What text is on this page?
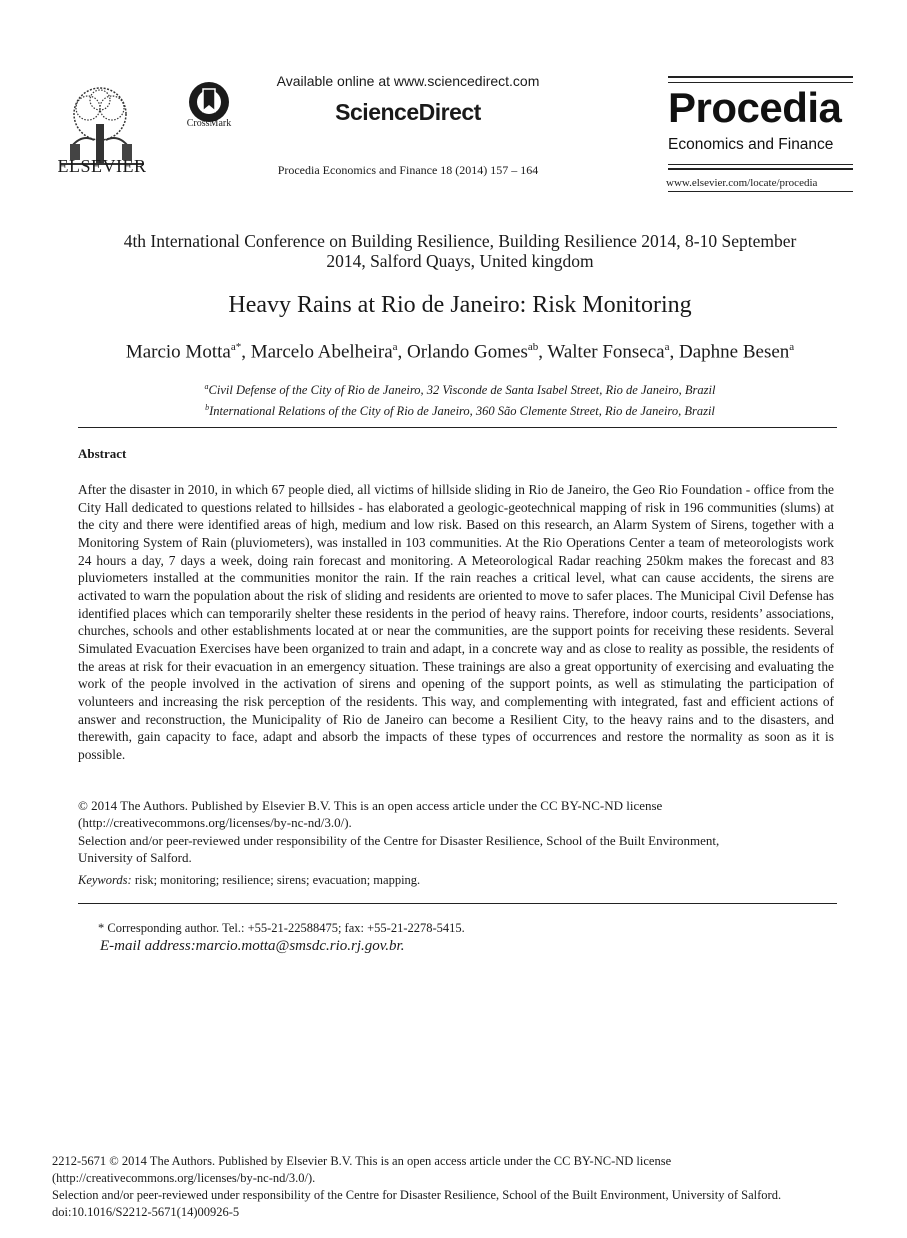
ELSEVIER
CrossMark
Available online at www.sciencedirect.com
ScienceDirect
Procedia Economics and Finance 18 (2014) 157 – 164
Procedia
Economics and Finance
www.elsevier.com/locate/procedia
4th International Conference on Building Resilience, Building Resilience 2014, 8-10 September
2014, Salford Quays, United kingdom
Heavy Rains at Rio de Janeiro: Risk Monitoring
Marcio Motta$^{a*}$, Marcelo Abelheira$^a$, Orlando Gomes$^{ab}$, Walter Fonseca$^a$, Daphne Besen$^a$
$^a$Civil Defense of the City of Rio de Janeiro, 32 Visconde de Santa Isabel Street, Rio de Janeiro, Brazil
$^b$International Relations of the City of Rio de Janeiro, 360 São Clemente Street, Rio de Janeiro, Brazil
Abstract
After the disaster in 2010, in which 67 people died, all victims of hillside sliding in Rio de Janeiro, the Geo Rio Foundation - office from the City Hall dedicated to questions related to hillsides - has elaborated a geologic-geotechnical mapping of risk in 196 communities (slums) at the city and there were identified areas of high, medium and low risk. Based on this research, an Alarm System of Sirens, together with a Monitoring System of Rain (pluviometers), was installed in 103 communities. At the Rio Operations Center a team of meteorologists work 24 hours a day, 7 days a week, doing rain forecast and monitoring. A Meteorological Radar reaching 250km makes the forecast and 83 pluviometers installed at the communities monitor the rain. If the rain reaches a critical level, what can cause accidents, the sirens are activated to warn the population about the risk of sliding and residents are oriented to move to safer places. The Municipal Civil Defense has identified places which can temporarily shelter these residents in the period of heavy rains. Therefore, indoor courts, residents’ associations, churches, schools and other establishments located at or near the communities, are the support points for receiving these residents. Several Simulated Evacuation Exercises have been organized to train and adapt, in a concrete way and as close to reality as possible, the residents of the areas at risk for their evacuation in an emergency situation. These trainings are also a great opportunity of exercising and evaluating the work of the people involved in the activation of sirens and opening of the support points, as well as stimulating the participation of volunteers and increasing the risk perception of the residents. This way, and complementing with integrated, fast and efficient actions of answer and reconstruction, the Municipality of Rio de Janeiro can become a Resilient City, to the heavy rains and to the disasters, and therewith, gain capacity to face, adapt and absorb the impacts of these types of occurrences and restore the normality as soon as it is possible.
© 2014 The Authors. Published by Elsevier B.V. This is an open access article under the CC BY-NC-ND license
(http://creativecommons.org/licenses/by-nc-nd/3.0/).
Selection and/or peer-reviewed under responsibility of the Centre for Disaster Resilience, School of the Built Environment,
University of Salford.
Keywords: risk; monitoring; resilience; sirens; evacuation; mapping.
* Corresponding author. Tel.: +55-21-22588475; fax: +55-21-2278-5415.
E-mail address:marcio.motta@smsdc.rio.rj.gov.br.
2212-5671 © 2014 The Authors. Published by Elsevier B.V. This is an open access article under the CC BY-NC-ND license
(http://creativecommons.org/licenses/by-nc-nd/3.0/).
Selection and/or peer-reviewed under responsibility of the Centre for Disaster Resilience, School of the Built Environment, University of Salford.
doi:10.1016/S2212-5671(14)00926-5
